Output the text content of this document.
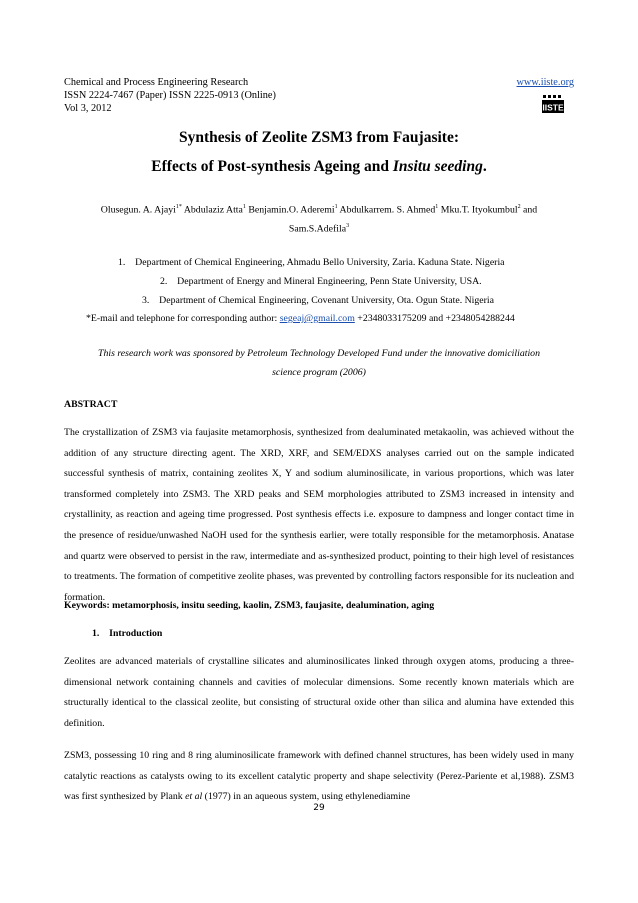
Chemical and Process Engineering Research
ISSN 2224-7467 (Paper) ISSN 2225-0913 (Online)
Vol 3, 2012
www.iiste.org
IISTE
Synthesis of Zeolite ZSM3 from Faujasite:
Effects of Post-synthesis Ageing and Insitu seeding.
Olusegun. A. Ajayi$^{1*}$ Abdulaziz Atta$^1$ Benjamin.O. Aderemi$^1$ Abdulkarrem. S. Ahmed$^1$ Mku.T. Ityokumbul$^2$ and
Sam.S.Adefila$^3$
1. Department of Chemical Engineering, Ahmadu Bello University, Zaria. Kaduna State. Nigeria
2. Department of Energy and Mineral Engineering, Penn State University, USA.
3. Department of Chemical Engineering, Covenant University, Ota. Ogun State. Nigeria
*E-mail and telephone for corresponding author: segeaj@gmail.com +2348033175209 and +2348054288244
This research work was sponsored by Petroleum Technology Developed Fund under the innovative domiciliation
science program (2006)
ABSTRACT
The crystallization of ZSM3 via faujasite metamorphosis, synthesized from dealuminated metakaolin, was achieved without the addition of any structure directing agent. The XRD, XRF, and SEM/EDXS analyses carried out on the sample indicated successful synthesis of matrix, containing zeolites X, Y and sodium aluminosilicate, in various proportions, which was later transformed completely into ZSM3. The XRD peaks and SEM morphologies attributed to ZSM3 increased in intensity and crystallinity, as reaction and ageing time progressed. Post synthesis effects i.e. exposure to dampness and longer contact time in the presence of residue/unwashed NaOH used for the synthesis earlier, were totally responsible for the metamorphosis. Anatase and quartz were observed to persist in the raw, intermediate and as-synthesized product, pointing to their high level of resistances to treatments. The formation of competitive zeolite phases, was prevented by controlling factors responsible for its nucleation and formation.
Keywords: metamorphosis, insitu seeding, kaolin, ZSM3, faujasite, dealumination, aging
1. Introduction
Zeolites are advanced materials of crystalline silicates and aluminosilicates linked through oxygen atoms, producing a three-dimensional network containing channels and cavities of molecular dimensions. Some recently known materials which are structurally identical to the classical zeolite, but consisting of structural oxide other than silica and alumina have extended this definition.
ZSM3, possessing 10 ring and 8 ring aluminosilicate framework with defined channel structures, has been widely used in many catalytic reactions as catalysts owing to its excellent catalytic property and shape selectivity (Perez-Pariente et al,1988). ZSM3 was first synthesized by Plank et al (1977) in an aqueous system, using ethylenediamine
29
